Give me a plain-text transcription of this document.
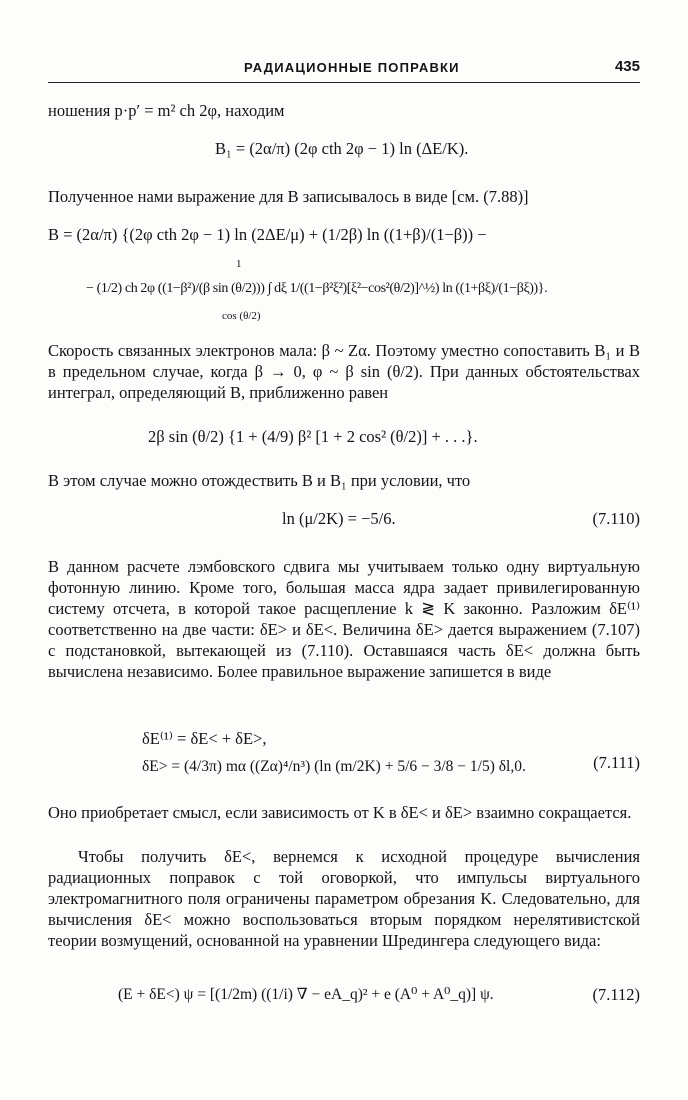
РАДИАЦИОННЫЕ ПОПРАВКИ	435
ношения p·p′ = m² ch 2φ, находим
B₁ = (2α/π) (2φ cth 2φ − 1) ln (ΔE/K).
Полученное нами выражение для B записывалось в виде [см. (7.88)]
B = (2α/π) {(2φ cth 2φ − 1) ln (2ΔE/μ) + (1/2β) ln ((1+β)/(1−β)) −
1
− (1/2) ch 2φ ((1−β²)/(β sin (θ/2))) ∫ dξ 1/((1−β²ξ²)[ξ²−cos²(θ/2)]^½) ln ((1+βξ)/(1−βξ))}.
cos (θ/2)
Скорость связанных электронов мала: β ~ Zα. Поэтому уместно сопоставить B₁ и B в предельном случае, когда β → 0, φ ~ β sin (θ/2). При данных обстоятельствах интеграл, определяющий B, приближенно равен
2β sin (θ/2) {1 + (4/9) β² [1 + 2 cos² (θ/2)] + . . .}.
В этом случае можно отождествить B и B₁ при условии, что
ln (μ/2K) = −5/6.	(7.110)
В данном расчете лэмбовского сдвига мы учитываем только одну виртуальную фотонную линию. Кроме того, большая масса ядра задает привилегированную систему отсчета, в которой такое расщепление k ≷ K законно. Разложим δE⁽¹⁾ соответственно на две части: δE> и δE<. Величина δE> дается выражением (7.107) с подстановкой, вытекающей из (7.110). Оставшаяся часть δE< должна быть вычислена независимо. Более правильное выражение запишется в виде
δE⁽¹⁾ = δE< + δE>,
δE> = (4/3π) mα ((Zα)⁴/n³) (ln (m/2K) + 5/6 − 3/8 − 1/5) δl,0.	(7.111)
Оно приобретает смысл, если зависимость от K в δE< и δE> взаимно сокращается.
Чтобы получить δE<, вернемся к исходной процедуре вычисления радиационных поправок с той оговоркой, что импульсы виртуального электромагнитного поля ограничены параметром обрезания K. Следовательно, для вычисления δE< можно воспользоваться вторым порядком нерелятивистской теории возмущений, основанной на уравнении Шредингера следующего вида:
(E + δE<) ψ = [(1/2m) ((1/i) ∇ − eA_q)² + e (A⁰ + A⁰_q)] ψ.	(7.112)
